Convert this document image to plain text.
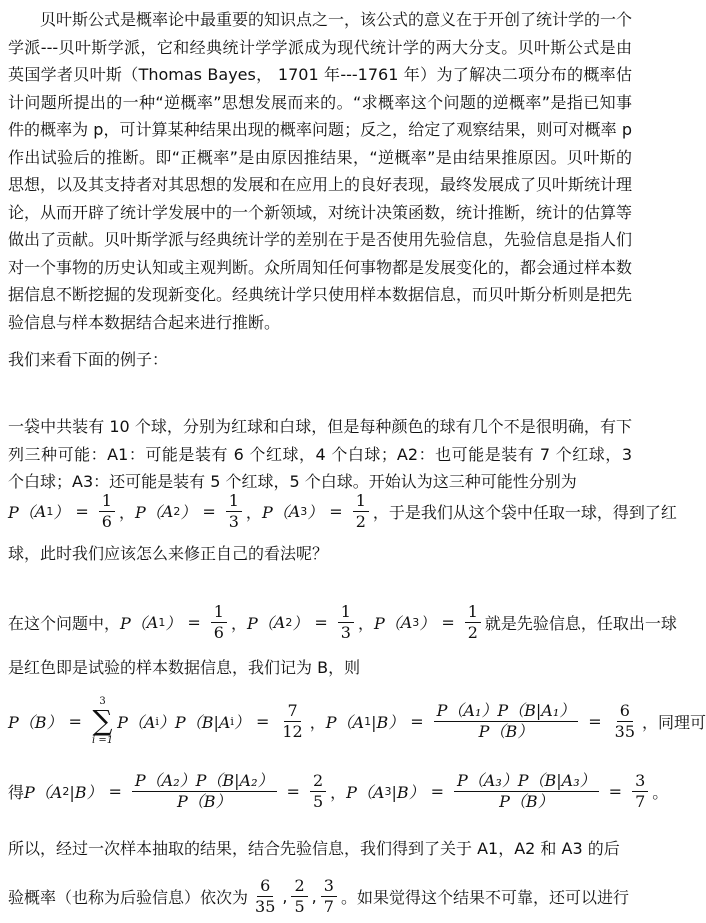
贝叶斯公式是概率论中最重要的知识点之一，该公式的意义在于开创了统计学的一个学派---贝叶斯学派，它和经典统计学学派成为现代统计学的两大分支。贝叶斯公式是由英国学者贝叶斯（Thomas Bayes， 1701 年---1761 年）为了解决二项分布的概率估计问题所提出的一种“逆概率”思想发展而来的。“求概率这个问题的逆概率”是指已知事件的概率为 p，可计算某种结果出现的概率问题；反之，给定了观察结果，则可对概率 p 作出试验后的推断。即“正概率”是由原因推结果，“逆概率”是由结果推原因。贝叶斯的思想，以及其支持者对其思想的发展和在应用上的良好表现，最终发展成了贝叶斯统计理论，从而开辟了统计学发展中的一个新领域，对统计决策函数，统计推断，统计的估算等做出了贡献。贝叶斯学派与经典统计学的差别在于是否使用先验信息，先验信息是指人们对一个事物的历史认知或主观判断。众所周知任何事物都是发展变化的，都会通过样本数据信息不断挖掘的发现新变化。经典统计学只使用样本数据信息，而贝叶斯分析则是把先验信息与样本数据结合起来进行推断。

我们来看下面的例子：

一袋中共装有 10 个球，分别为红球和白球，但是每种颜色的球有几个不是很明确，有下列三种可能：A1：可能是装有 6 个红球，4 个白球；A2：也可能是装有 7 个红球，3 个白球；A3：还可能是装有 5 个红球，5 个白球。开始认为这三种可能性分别为

P（ A 1 ） = $\frac{1}{6}$ ， P（ A 2 ） = $\frac{1}{3}$ ， P（ A 3 ） = $\frac{1}{2}$ ，于是我们从这个袋中任取一球，得到了红

球，此时我们应该怎么来修正自己的看法呢？

在这个问题中， P（ A 1 ） = $\frac{1}{6}$ ， P（ A 2 ） = $\frac{1}{3}$ ， P（ A 3 ） = $\frac{1}{2}$ 就是先验信息，任取出一球

是红色即是试验的样本数据信息，我们记为 B，则

P（B） =
3
∑
i =1
P（A i ）P（B|A i ） = $\frac{7}{12}$ ， P（A 1 $|B) = \frac{\text{P（A₁）P（B|A₁）}}{P(B)} = \frac{6}{35}$ ，同理可
得 P（A 2 $|B) = \frac{\text{P（A₂）P（B|A₂）}}{P(B)} = \frac{2}{5}$ ， P（A 3 $|B) = \frac{\text{P（A₃）P（B|A₃）}}{P(B)} = \frac{3}{7}$ 。

所以，经过一次样本抽取的结果，结合先验信息，我们得到了关于 A1，A2 和 A3 的后

验概率（也称为后验信息）依次为 $\frac{6}{35}$ , $\frac{2}{5}$ , $\frac{3}{7}$ 。如果觉得这个结果不可靠，还可以进行
